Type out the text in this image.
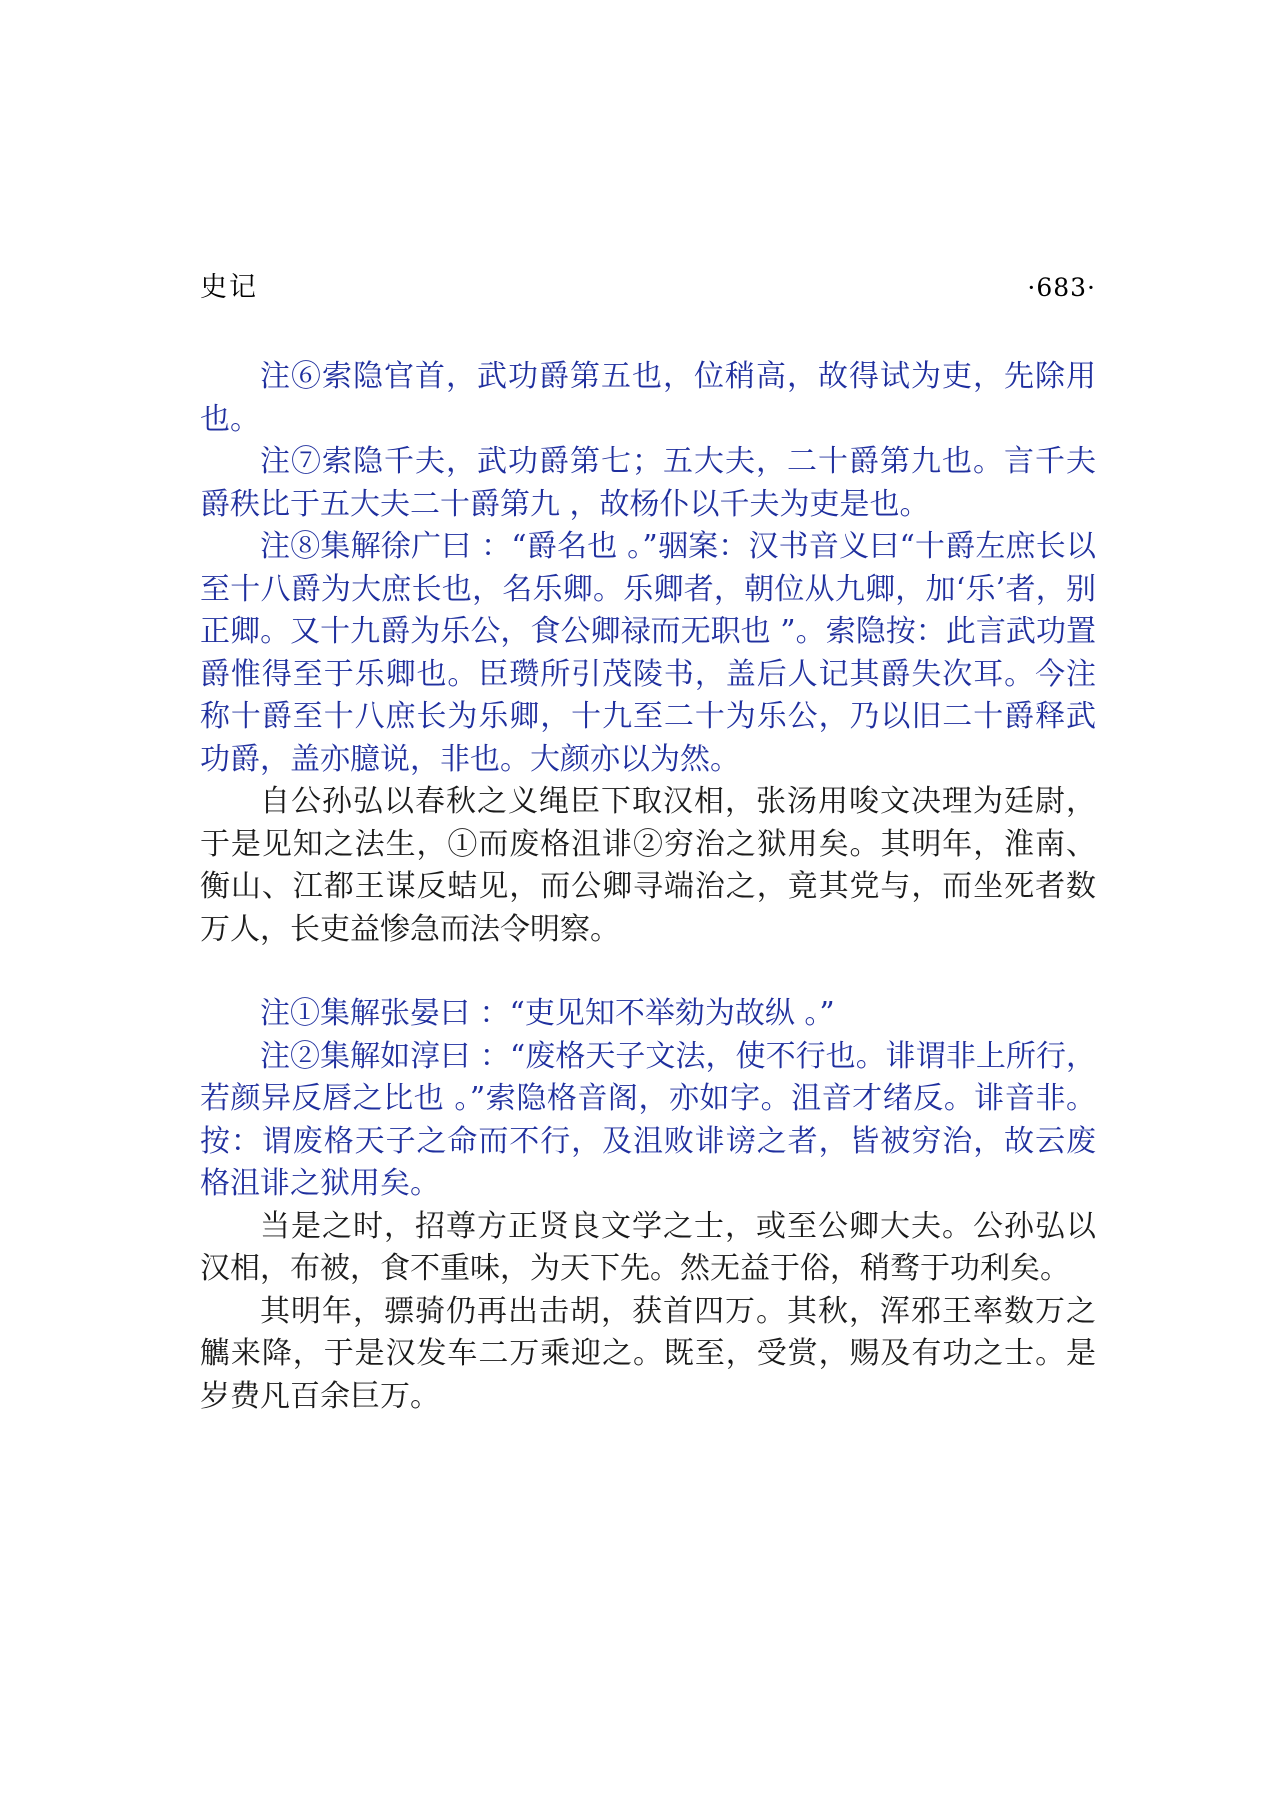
史记	·683·

注⑥索隐官首，武功爵第五也，位稍高，故得试为吏，先除用也。

注⑦索隐千夫，武功爵第七；五大夫，二十爵第九也。言千夫爵秩比于五大夫二十爵第九 ，故杨仆以千夫为吏是也。

注⑧集解徐广曰 ：“爵名也 。”骃案：汉书音义曰“十爵左庶长以至十八爵为大庶长也，名乐卿。乐卿者，朝位从九卿，加‘乐’者，别正卿。又十九爵为乐公，食公卿禄而无职也 ”。索隐按：此言武功置爵惟得至于乐卿也。臣瓒所引茂陵书，盖后人记其爵失次耳。今注称十爵至十八庶长为乐卿，十九至二十为乐公，乃以旧二十爵释武功爵，盖亦臆说，非也。大颜亦以为然。

自公孙弘以春秋之义绳臣下取汉相，张汤用唆文决理为廷尉，于是见知之法生，①而废格沮诽②穷治之狱用矣。其明年，淮南、衡山、江都王谋反蛣见，而公卿寻端治之，竟其党与，而坐死者数万人，长吏益惨急而法令明察。

注①集解张晏曰 ：“吏见知不举劾为故纵 。”

注②集解如淳曰 ：“废格天子文法，使不行也。诽谓非上所行，若颜异反唇之比也 。”索隐格音阁，亦如字。沮音才绪反。诽音非。按：谓废格天子之命而不行，及沮败诽谤之者，皆被穷治，故云废格沮诽之狱用矣。

当是之时，招尊方正贤良文学之士，或至公卿大夫。公孙弘以汉相，布被，食不重味，为天下先。然无益于俗，稍骛于功利矣。

其明年，骠骑仍再出击胡，获首四万。其秋，浑邪王率数万之觽来降，于是汉发车二万乘迎之。既至，受赏，赐及有功之士。是岁费凡百余巨万。
